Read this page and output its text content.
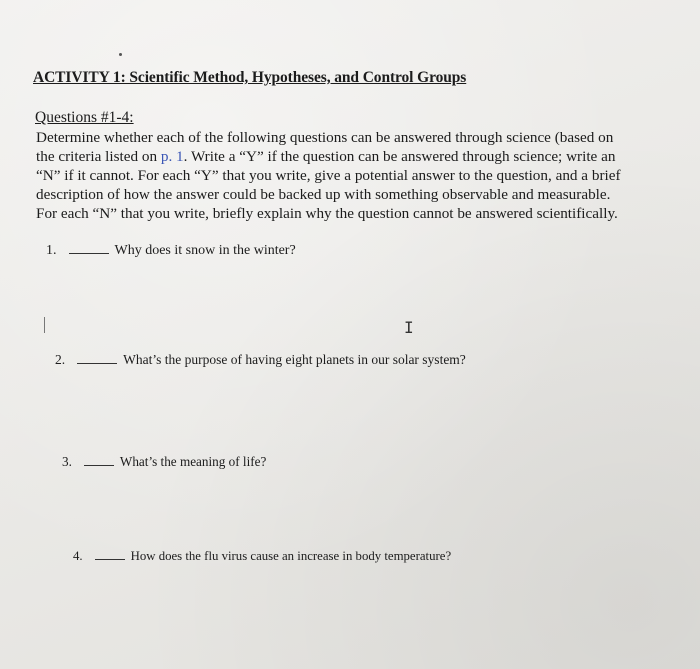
ACTIVITY 1: Scientific Method, Hypotheses, and Control Groups
Questions #1-4:
Determine whether each of the following questions can be answered through science (based on
the criteria listed on p. 1. Write a “Y” if the question can be answered through science; write an
“N” if it cannot. For each “Y” that you write, give a potential answer to the question, and a brief
description of how the answer could be backed up with something observable and measurable.
For each “N” that you write, briefly explain why the question cannot be answered scientifically.
1.	Why does it snow in the winter?
I
2.	What’s the purpose of having eight planets in our solar system?
3.	What’s the meaning of life?
4.	How does the flu virus cause an increase in body temperature?
